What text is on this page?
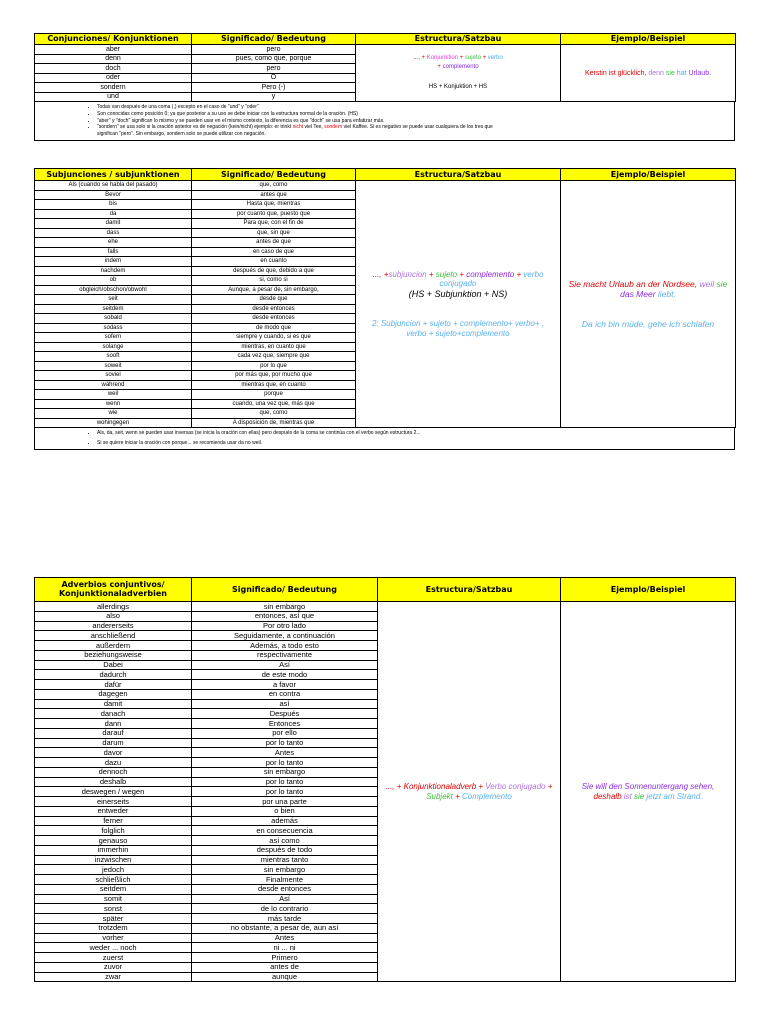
Conjunciones/ Konjunktionen	Significado/ Bedeutung	Estructura/Satzbau	Ejemplo/Beispiel
aber	pero	..., + Konjunktion + sujeto + verbo
+ complemento

HS + Konjuktion + HS	Kerstin ist glücklich, denn sie hat Urlaub.

denn	pues, como que, porque		
doch	pero		
oder	O		
sondern	Pero (-)		
und	y		
• Todas van después de una coma (,) excepto en el caso de "und" y "oder"
• Son conocidas como posición 0; ya que posterior a su uso se debe iniciar con la estructura normal de la oración. (HS)
• "aber" y "doch" significan lo mismo y se pueden usar en el mismo contexto, la diferencia es que "doch" se usa para enfatizar más.
• "sondern" se usa solo si la oración anterior es de negación (kein/nicht) ejemplo: er trinkt nicht viel Tee, sondern viel Kaffee. Si es negativo se puede usar cualquiera de los tres que
significan "pero". Sin embargo, sondern solo se puede utilizar con negación.
Subjunciones / subjunktionen	Significado/ Bedeutung	Estructura/Satzbau	Ejemplo/Beispiel
Als (cuando se habla del pasado)	que, como	..., +subjuncion + sujeto + complemento + verbo conjugado
(HS + Subjunktion + NS)

2: Subjuncion + sujeto + complemento+ verbo+ , verbo + sujeto+complemento	Sie macht Urlaub an der Nordsee, weil sie das Meer liebt.

Da ich bin müde, gehe ich schlafen

Bevor	antes que		
bis	Hasta que, mientras		
da	por cuanto que, puesto que		
damit	Para que, con el fin de		
dass	que, sin que		
ehe	antes de que		
falls	en caso de que		
indem	en cuanto		
nachdem	después de que, debido a que		
ob	si, como si		
obgleich/obschon/obwohl	Aunque, a pesar de, sin embargo,		
seit	desde que		
seitdem	desde entonces		
sobald	desde entonces		
sodass	de modo que		
sofern	siempre y cuando, si es que		
solange	mientras, en cuanto que		
sooft	cada vez que, siempre que		
soweit	por lo que		
soviel	por más que, por mucho que		
während	mientras que, en cuanto		
weil	porque		
wenn	cuando, una vez que, más que		
wie	que, como		
wohingegen	A disposición de, mientras que		
• Als, da, seit, wenn se pueden usar inversas (se inicia la oración con ellas) pero después de la coma se continúa con el verbo según estructura 2...
• Si se quiere iniciar la oración con porque... se recomienda usar da no weil.
Adverbios conjuntivos/ Konjunktionaladverbien	Significado/ Bedeutung	Estructura/Satzbau	Ejemplo/Beispiel
allerdings	sin embargo	..., + Konjunktionaladverb + Verbo conjugado + Subjekt + Complemento	Sie will den Sonnenuntergang sehen, deshalb ist sie jetzt am Strand.

also	entonces, así que		
andererseits	Por otro lado		
anschließend	Seguidamente, a continuación		
außerdem	Además, a todo esto		
beziehungsweise	respectivamente		
Dabei	Así		
dadurch	de este modo		
dafür	a favor		
dagegen	en contra		
damit	así		
danach	Después		
dann	Entonces		
darauf	por ello		
darum	por lo tanto		
davor	Antes		
dazu	por lo tanto		
dennoch	sin embargo		
deshalb	por lo tanto		
deswegen / wegen	por lo tanto		
einerseits	por una parte		
entweder	o bien		
ferner	además		
folglich	en consecuencia		
genauso	así como		
immerhin	después de todo		
inzwischen	mientras tanto		
jedoch	sin embargo		
schließlich	Finalmente		
seitdem	desde entonces		
somit	Así		
sonst	de lo contrario		
später	más tarde		
trotzdem	no obstante, a pesar de, aun así		
vorher	Antes		
weder ... noch	ni ... ni		
zuerst	Primero		
zuvor	antes de		
zwar	aunque		
